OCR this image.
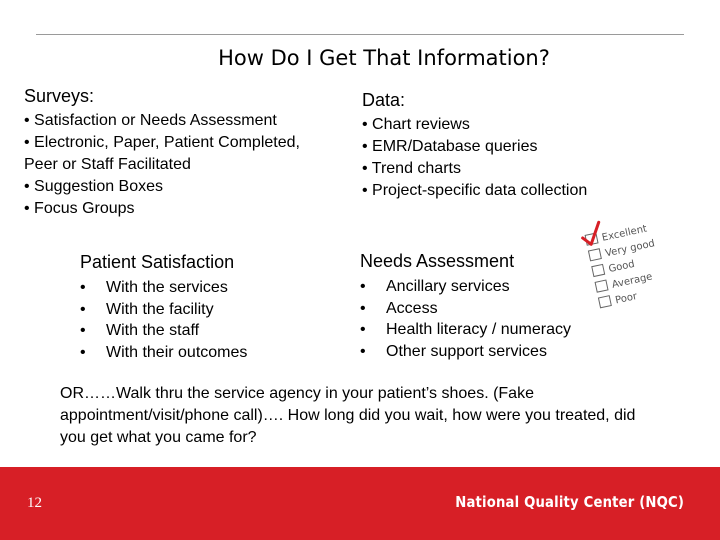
How Do I Get That Information?
Surveys:
• Satisfaction or Needs Assessment
• Electronic, Paper, Patient Completed,
Peer or Staff Facilitated
• Suggestion Boxes
• Focus Groups
Data:
• Chart reviews
• EMR/Database queries
• Trend charts
• Project-specific data collection
Patient Satisfaction
• With the services
• With the facility
• With the staff
• With their outcomes
Needs Assessment
• Ancillary services
• Access
• Health literacy / numeracy
• Other support services
Excellent
Very good
Good
Average
Poor
OR……Walk thru the service agency in your patient’s shoes. (Fake appointment/visit/phone call)…. How long did you wait, how were you treated, did you get what you came for?
12	National Quality Center (NQC)
